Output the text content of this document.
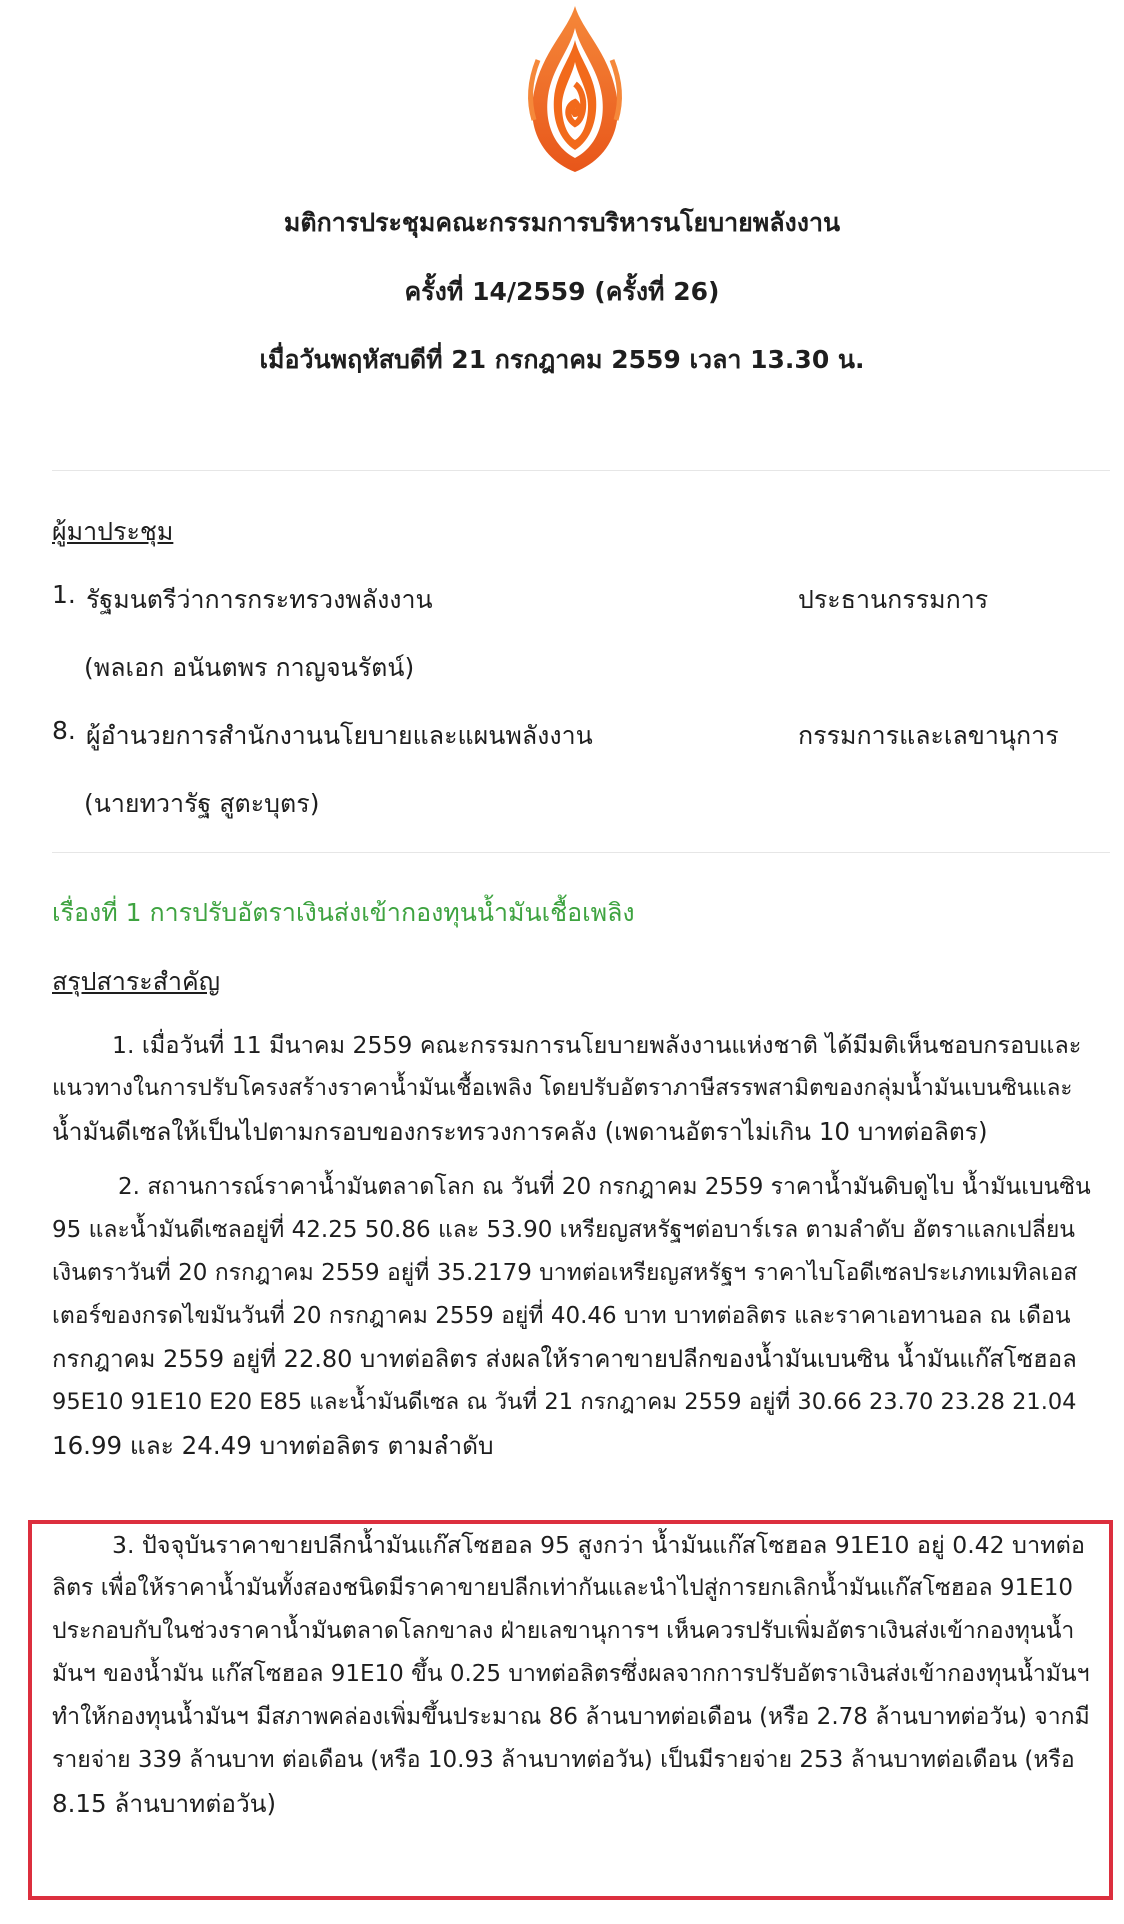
มติการประชุมคณะกรรมการบริหารนโยบายพลังงาน
ครั้งที่ 14/2559 (ครั้งที่ 26)
เมื่อวันพฤหัสบดีที่ 21 กรกฎาคม 2559 เวลา 13.30 น.
ผู้มาประชุม
1. รัฐมนตรีว่าการกระทรวงพลังงาน	ประธานกรรมการ
(พลเอก อนันตพร กาญจนรัตน์)
8. ผู้อำนวยการสำนักงานนโยบายและแผนพลังงาน	กรรมการและเลขานุการ
(นายทวารัฐ สูตะบุตร)
เรื่องที่ 1 การปรับอัตราเงินส่งเข้ากองทุนน้ำมันเชื้อเพลิง
สรุปสาระสำคัญ
1. เมื่อวันที่ 11 มีนาคม 2559 คณะกรรมการนโยบายพลังงานแห่งชาติ ได้มีมติเห็นชอบกรอบและ
แนวทางในการปรับโครงสร้างราคาน้ำมันเชื้อเพลิง โดยปรับอัตราภาษีสรรพสามิตของกลุ่มน้ำมันเบนซินและ
น้ำมันดีเซลให้เป็นไปตามกรอบของกระทรวงการคลัง (เพดานอัตราไม่เกิน 10 บาทต่อลิตร)
2. สถานการณ์ราคาน้ำมันตลาดโลก ณ วันที่ 20 กรกฎาคม 2559 ราคาน้ำมันดิบดูไบ น้ำมันเบนซิน
95 และน้ำมันดีเซลอยู่ที่ 42.25 50.86 และ 53.90 เหรียญสหรัฐฯต่อบาร์เรล ตามลำดับ อัตราแลกเปลี่ยน
เงินตราวันที่ 20 กรกฎาคม 2559 อยู่ที่ 35.2179 บาทต่อเหรียญสหรัฐฯ ราคาไบโอดีเซลประเภทเมทิลเอส
เตอร์ของกรดไขมันวันที่ 20 กรกฎาคม 2559 อยู่ที่ 40.46 บาท บาทต่อลิตร และราคาเอทานอล ณ เดือน
กรกฎาคม 2559 อยู่ที่ 22.80 บาทต่อลิตร ส่งผลให้ราคาขายปลีกของน้ำมันเบนซิน น้ำมันแก๊สโซฮอล
95E10 91E10 E20 E85 และน้ำมันดีเซล ณ วันที่ 21 กรกฎาคม 2559 อยู่ที่ 30.66 23.70 23.28 21.04
16.99 และ 24.49 บาทต่อลิตร ตามลำดับ
3. ปัจจุบันราคาขายปลีกน้ำมันแก๊สโซฮอล 95 สูงกว่า น้ำมันแก๊สโซฮอล 91E10 อยู่ 0.42 บาทต่อ
ลิตร เพื่อให้ราคาน้ำมันทั้งสองชนิดมีราคาขายปลีกเท่ากันและนำไปสู่การยกเลิกน้ำมันแก๊สโซฮอล 91E10
ประกอบกับในช่วงราคาน้ำมันตลาดโลกขาลง ฝ่ายเลขานุการฯ เห็นควรปรับเพิ่มอัตราเงินส่งเข้ากองทุนน้ำ
มันฯ ของน้ำมัน แก๊สโซฮอล 91E10 ขึ้น 0.25 บาทต่อลิตรซึ่งผลจากการปรับอัตราเงินส่งเข้ากองทุนน้ำมันฯ
ทำให้กองทุนน้ำมันฯ มีสภาพคล่องเพิ่มขึ้นประมาณ 86 ล้านบาทต่อเดือน (หรือ 2.78 ล้านบาทต่อวัน) จากมี
รายจ่าย 339 ล้านบาท ต่อเดือน (หรือ 10.93 ล้านบาทต่อวัน) เป็นมีรายจ่าย 253 ล้านบาทต่อเดือน (หรือ
8.15 ล้านบาทต่อวัน)
